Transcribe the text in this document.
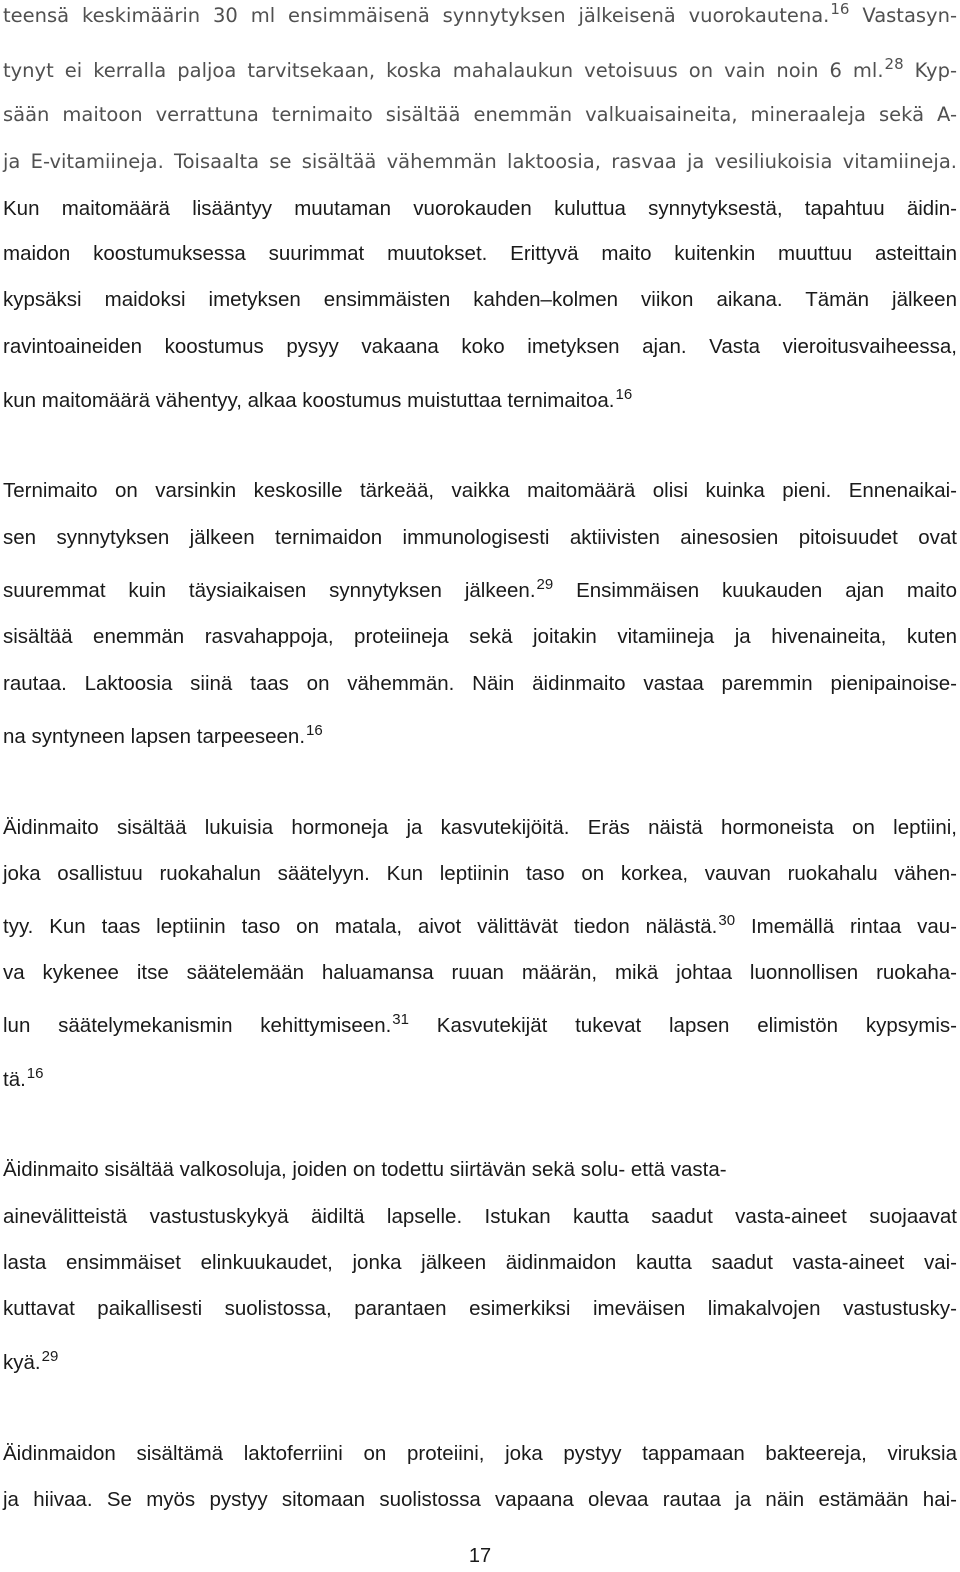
teensä keskimäärin 30 ml ensimmäisenä synnytyksen jälkeisenä vuorokautena.$^{16}$ Vastasyn-
tynyt ei kerralla paljoa tarvitsekaan, koska mahalaukun vetoisuus on vain noin 6 ml.$^{28}$ Kyp-
sään maitoon verrattuna ternimaito sisältää enemmän valkuaisaineita, mineraaleja sekä A-
ja E-vitamiineja. Toisaalta se sisältää vähemmän laktoosia, rasvaa ja vesiliukoisia vitamiineja.
Kun maitomäärä lisääntyy muutaman vuorokauden kuluttua synnytyksestä, tapahtuu äidin-
maidon koostumuksessa suurimmat muutokset. Erittyvä maito kuitenkin muuttuu asteittain
kypsäksi maidoksi imetyksen ensimmäisten kahden–kolmen viikon aikana. Tämän jälkeen
ravintoaineiden koostumus pysyy vakaana koko imetyksen ajan. Vasta vieroitusvaiheessa,
kun maitomäärä vähentyy, alkaa koostumus muistuttaa ternimaitoa.$^{16}$
Ternimaito on varsinkin keskosille tärkeää, vaikka maitomäärä olisi kuinka pieni. Ennenaikai-
sen synnytyksen jälkeen ternimaidon immunologisesti aktiivisten ainesosien pitoisuudet ovat
suuremmat kuin täysiaikaisen synnytyksen jälkeen.$^{29}$ Ensimmäisen kuukauden ajan maito
sisältää enemmän rasvahappoja, proteiineja sekä joitakin vitamiineja ja hivenaineita, kuten
rautaa. Laktoosia siinä taas on vähemmän. Näin äidinmaito vastaa paremmin pienipainoise-
na syntyneen lapsen tarpeeseen.$^{16}$
Äidinmaito sisältää lukuisia hormoneja ja kasvutekijöitä. Eräs näistä hormoneista on leptiini,
joka osallistuu ruokahalun säätelyyn. Kun leptiinin taso on korkea, vauvan ruokahalu vähen-
tyy. Kun taas leptiinin taso on matala, aivot välittävät tiedon nälästä.$^{30}$ Imemällä rintaa vau-
va kykenee itse säätelemään haluamansa ruuan määrän, mikä johtaa luonnollisen ruokaha-
lun säätelymekanismin kehittymiseen.$^{31}$ Kasvutekijät tukevat lapsen elimistön kypsymis-
tä.$^{16}$
Äidinmaito sisältää valkosoluja, joiden on todettu siirtävän sekä solu- että vasta-
ainevälitteistä vastustuskykyä äidiltä lapselle. Istukan kautta saadut vasta-aineet suojaavat
lasta ensimmäiset elinkuukaudet, jonka jälkeen äidinmaidon kautta saadut vasta-aineet vai-
kuttavat paikallisesti suolistossa, parantaen esimerkiksi imeväisen limakalvojen vastustusky-
kyä.$^{29}$
Äidinmaidon sisältämä laktoferriini on proteiini, joka pystyy tappamaan bakteereja, viruksia
ja hiivaa. Se myös pystyy sitomaan suolistossa vapaana olevaa rautaa ja näin estämään hai-
17
